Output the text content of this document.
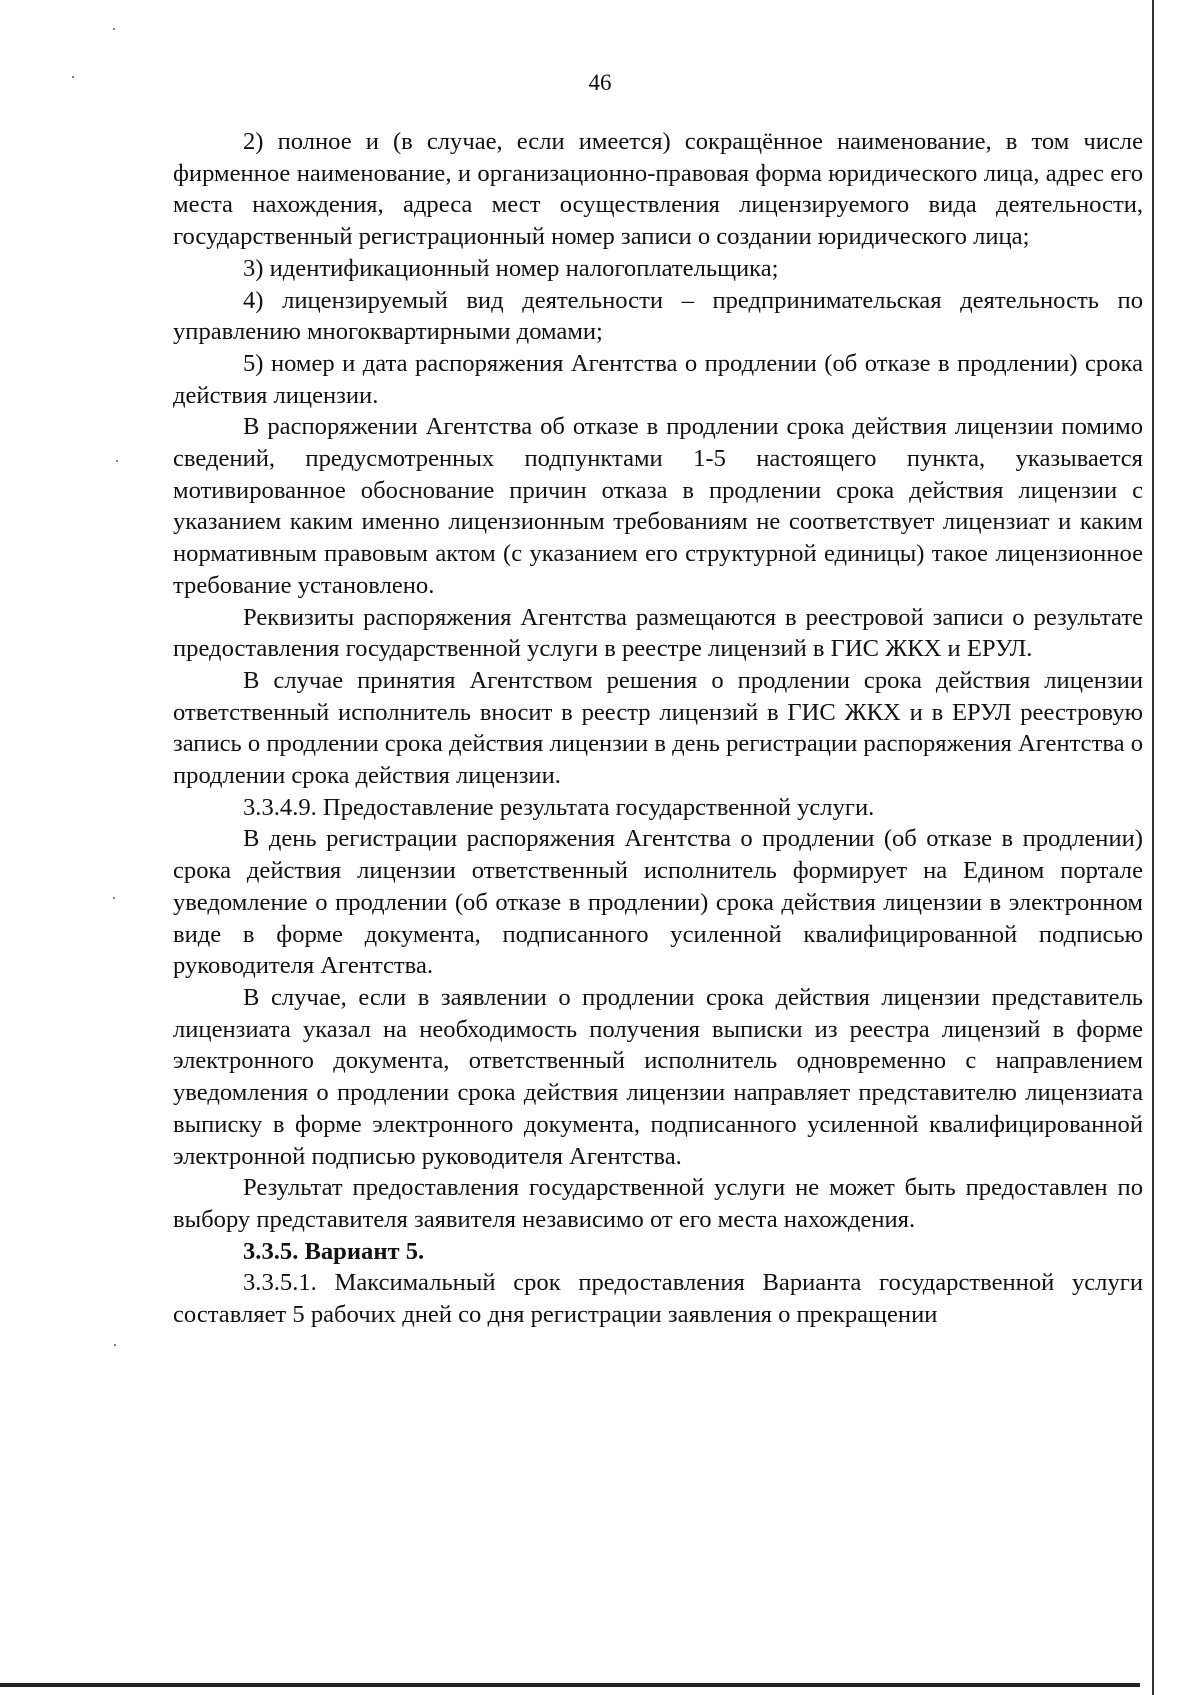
46

2) полное и (в случае, если имеется) сокращённое наименование, в том числе фирменное наименование, и организационно-правовая форма юридического лица, адрес его места нахождения, адреса мест осуществления лицензируемого вида деятельности, государственный регистрационный номер записи о создании юридического лица;

3) идентификационный номер налогоплательщика;

4) лицензируемый вид деятельности – предпринимательская деятельность по управлению многоквартирными домами;

5) номер и дата распоряжения Агентства о продлении (об отказе в продлении) срока действия лицензии.

В распоряжении Агентства об отказе в продлении срока действия лицензии помимо сведений, предусмотренных подпунктами 1-5 настоящего пункта, указывается мотивированное обоснование причин отказа в продлении срока действия лицензии с указанием каким именно лицензионным требованиям не соответствует лицензиат и каким нормативным правовым актом (с указанием его структурной единицы) такое лицензионное требование установлено.

Реквизиты распоряжения Агентства размещаются в реестровой записи о результате предоставления государственной услуги в реестре лицензий в ГИС ЖКХ и ЕРУЛ.

В случае принятия Агентством решения о продлении срока действия лицензии ответственный исполнитель вносит в реестр лицензий в ГИС ЖКХ и в ЕРУЛ реестровую запись о продлении срока действия лицензии в день регистрации распоряжения Агентства о продлении срока действия лицензии.

3.3.4.9. Предоставление результата государственной услуги.

В день регистрации распоряжения Агентства о продлении (об отказе в продлении) срока действия лицензии ответственный исполнитель формирует на Едином портале уведомление о продлении (об отказе в продлении) срока действия лицензии в электронном виде в форме документа, подписанного усиленной квалифицированной подписью руководителя Агентства.

В случае, если в заявлении о продлении срока действия лицензии представитель лицензиата указал на необходимость получения выписки из реестра лицензий в форме электронного документа, ответственный исполнитель одновременно с направлением уведомления о продлении срока действия лицензии направляет представителю лицензиата выписку в форме электронного документа, подписанного усиленной квалифицированной электронной подписью руководителя Агентства.

Результат предоставления государственной услуги не может быть предоставлен по выбору представителя заявителя независимо от его места нахождения.

3.3.5. Вариант 5.

3.3.5.1. Максимальный срок предоставления Варианта государственной услуги составляет 5 рабочих дней со дня регистрации заявления о прекращении
